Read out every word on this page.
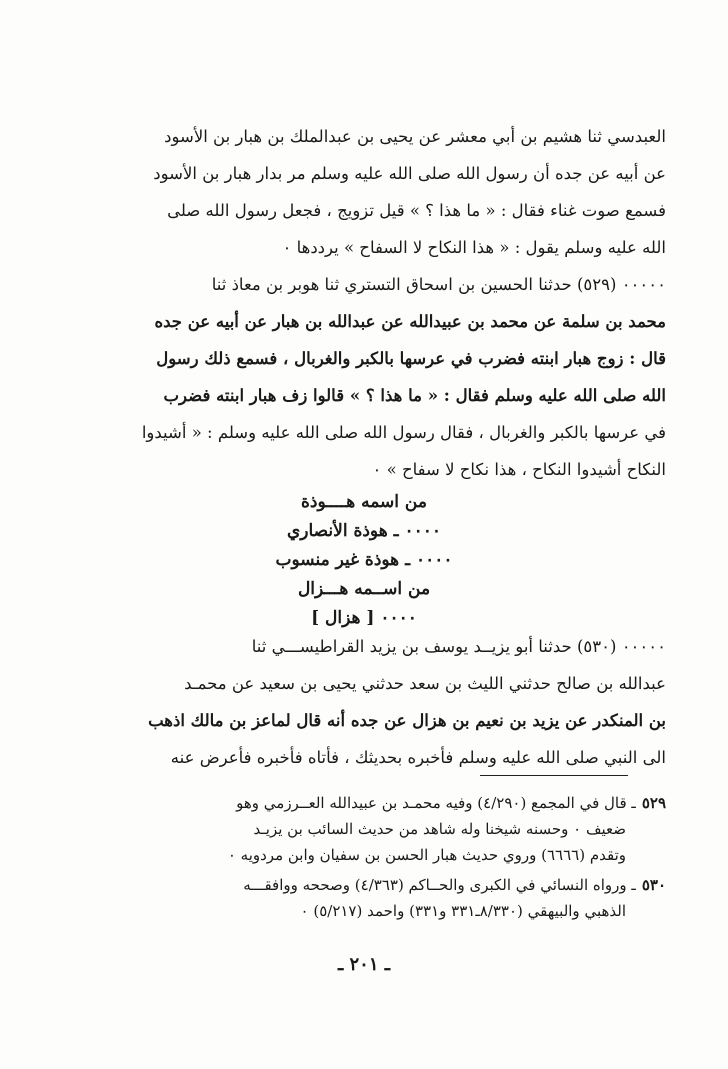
العبدسي ثنا هشيم بن أبي معشر عن يحيى بن عبدالملك بن هبار بن الأسود

عن أبيه عن جده أن رسول الله صلى الله عليه وسلم مر بدار هبار بن الأسود

فسمع صوت غناء فقال : « ما هذا ؟ » قيل تزويج ، فجعل رسول الله صلى

الله عليه وسلم يقول : « هذا النكاح لا السفاح » يرددها ٠

٠٠٠٠٠ (٥٢٩) حدثنا الحسين بن اسحاق التستري ثنا هوبر بن معاذ ثنا

محمد بن سلمة عن محمد بن عبيدالله عن عبدالله بن هبار عن أبيه عن جده

قال : زوج هبار ابنته فضرب في عرسها بالكبر والغربال ، فسمع ذلك رسول

الله صلى الله عليه وسلم فقال : « ما هذا ؟ » قالوا زف هبار ابنته فضرب

في عرسها بالكبر والغربال ، فقال رسول الله صلى الله عليه وسلم : « أشيدوا

النكاح أشيدوا النكاح ، هذا نكاح لا سفاح » ٠

من اسمه هــــوذة
٠٠٠٠ ـ هوذة الأنصاري
٠٠٠٠ ـ هوذة غير منسوب
من اســمه هـــزال
٠٠٠٠ [ هزال ]

٠٠٠٠٠ (٥٣٠) حدثنا أبو يزيــد يوسف بن يزيد القراطيســـي ثنا

عبدالله بن صالح حدثني الليث بن سعد حدثني يحيى بن سعيد عن محمـد

بن المنكدر عن يزيد بن نعيم بن هزال عن جده أنه قال لماعز بن مالك اذهب

الى النبي صلى الله عليه وسلم فأخبره بحديثك ، فأتاه فأخبره فأعرض عنه

٥٢٩ـ قال في المجمع (٤/٢٩٠) وفيه محمـد بن عبيدالله العــرزمي وهو
ضعيف ٠ وحسنه شيخنا وله شاهد من حديث السائب بن يزيـد
وتقدم (٦٦٦٦) وروي حديث هبار الحسن بن سفيان وابن مردويه ٠
٥٣٠ـ ورواه النسائي في الكبرى والحــاكم (٤/٣٦٣) وصححه ووافقـــه
الذهبي والبيهقي (٨/٣٣٠ـ٣٣١ و٣٣١) واحمد (٥/٢١٧) ٠
ـ ٢٠١ ـ
